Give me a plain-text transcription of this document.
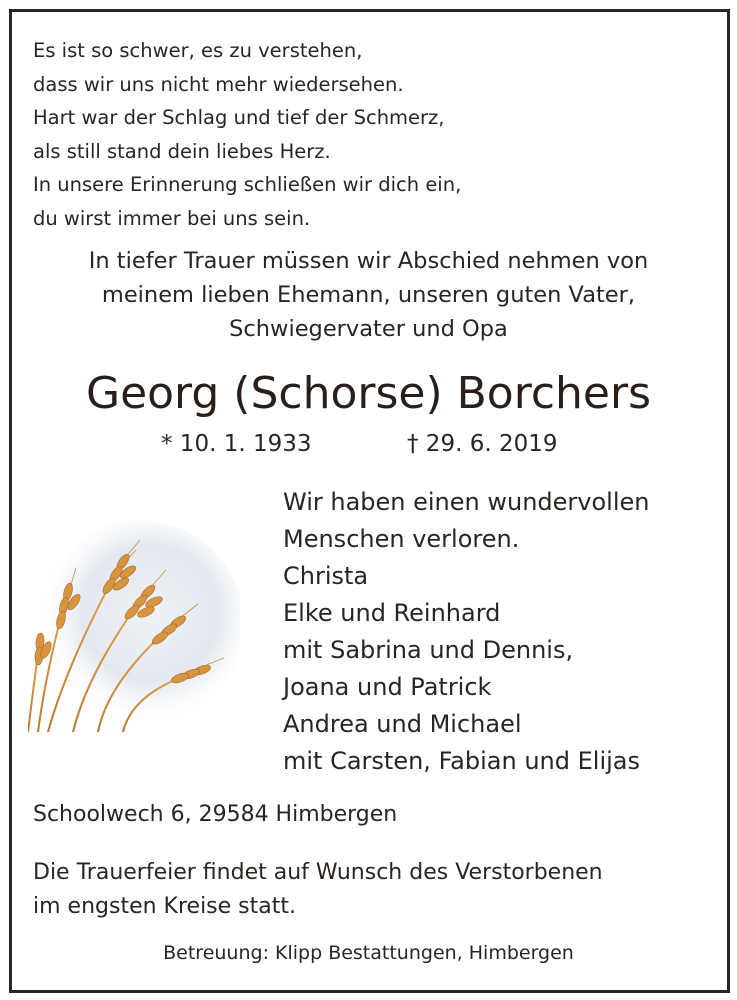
Es ist so schwer, es zu verstehen,
dass wir uns nicht mehr wiedersehen.
Hart war der Schlag und tief der Schmerz,
als still stand dein liebes Herz.
In unsere Erinnerung schließen wir dich ein,
du wirst immer bei uns sein.
In tiefer Trauer müssen wir Abschied nehmen von
meinem lieben Ehemann, unseren guten Vater,
Schwiegervater und Opa
Georg (Schorse) Borchers
* 10. 1. 1933	† 29. 6. 2019
Wir haben einen wundervollen
Menschen verloren.
Christa
Elke und Reinhard
mit Sabrina und Dennis,
Joana und Patrick
Andrea und Michael
mit Carsten, Fabian und Elijas
Schoolwech 6, 29584 Himbergen
Die Trauerfeier findet auf Wunsch des Verstorbenen
im engsten Kreise statt.
Betreuung: Klipp Bestattungen, Himbergen
